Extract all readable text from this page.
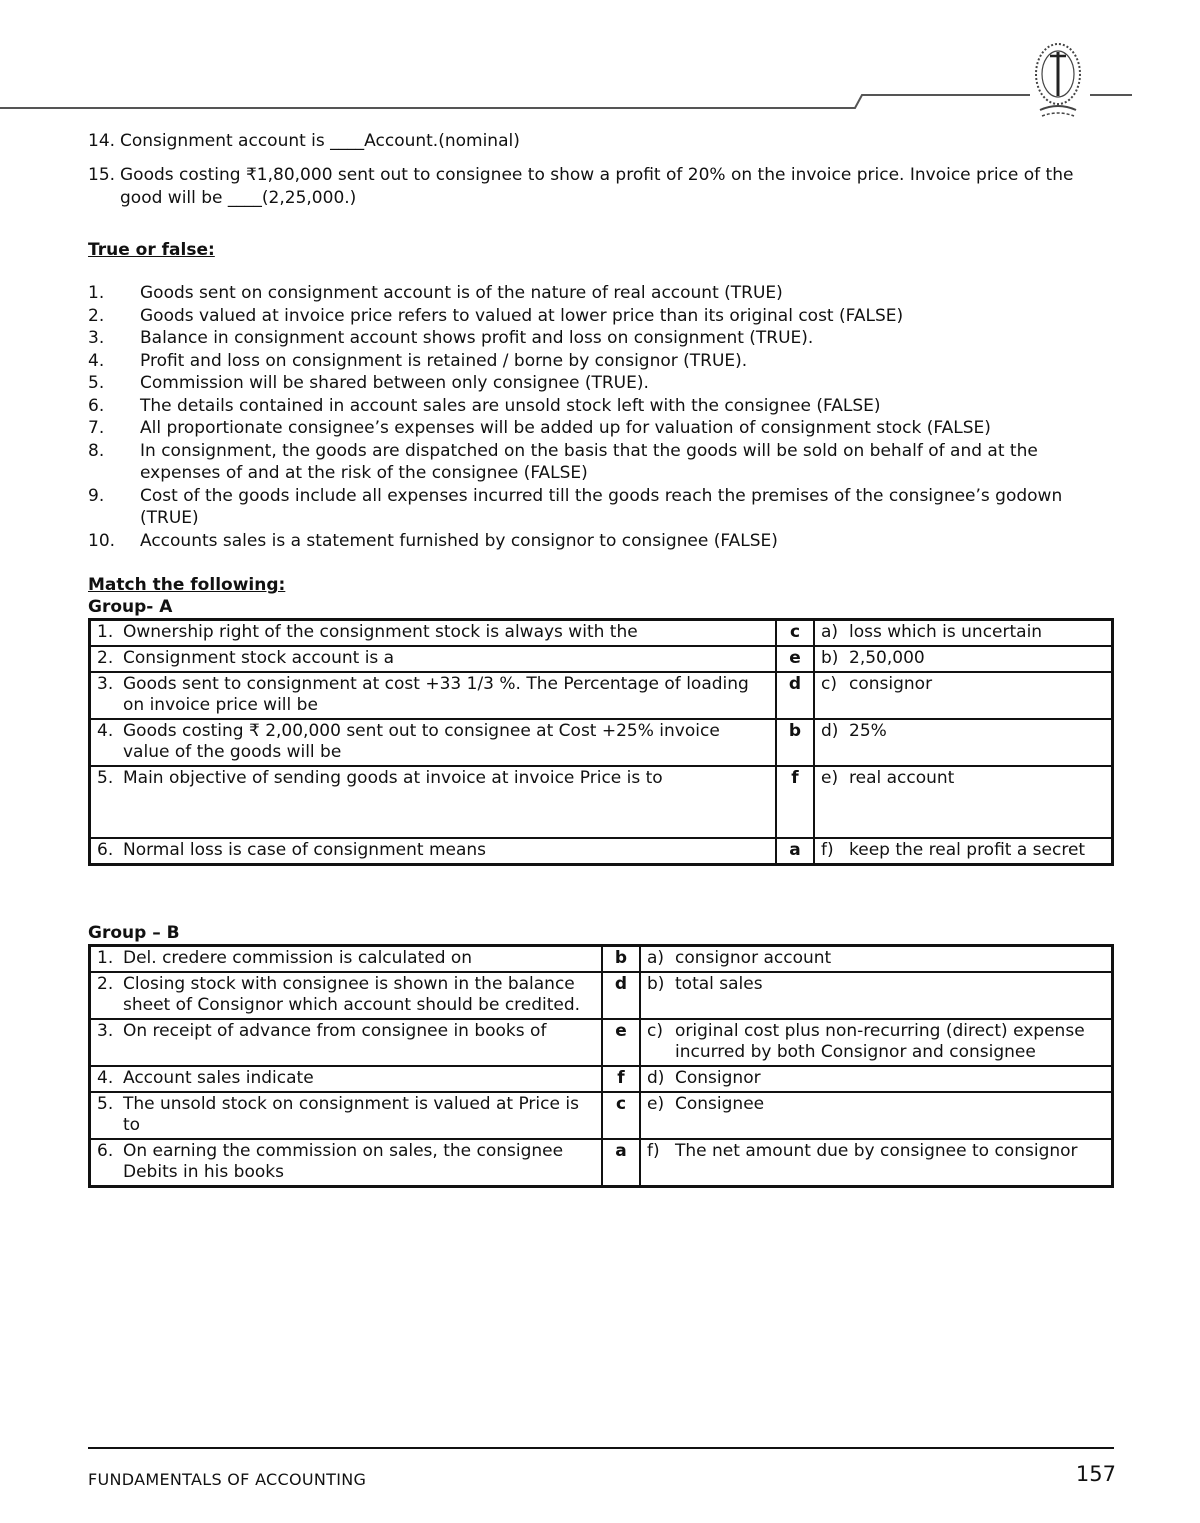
14. Consignment account is ____Account.(nominal)
15. Goods costing ₹1,80,000 sent out to consignee to show a profit of 20% on the invoice price. Invoice price of the good will be ____(2,25,000.)
True or false:
1.	Goods sent on consignment account is of the nature of real account (TRUE)
2.	Goods valued at invoice price refers to valued at lower price than its original cost (FALSE)
3.	Balance in consignment account shows profit and loss on consignment (TRUE).
4.	Profit and loss on consignment is retained / borne by consignor (TRUE).
5.	Commission will be shared between only consignee (TRUE).
6.	The details contained in account sales are unsold stock left with the consignee (FALSE)
7.	All proportionate consignee’s expenses will be added up for valuation of consignment stock (FALSE)
8.	In consignment, the goods are dispatched on the basis that the goods will be sold on behalf of and at the expenses of and at the risk of the consignee (FALSE)
9.	Cost of the goods include all expenses incurred till the goods reach the premises of the consignee’s godown (TRUE)
10.	Accounts sales is a statement furnished by consignor to consignee (FALSE)
Match the following:
Group- A
1. Ownership right of the consignment stock is always with the	c	a) loss which is uncertain

2. Consignment stock account is a	e	b) 2,50,000

3. Goods sent to consignment at cost +33 1/3 %. The Percentage of loading on invoice price will be	d	c) consignor

4. Goods costing ₹ 2,00,000 sent out to consignee at Cost +25% invoice value of the goods will be	b	d) 25%

5. Main objective of sending goods at invoice at invoice Price is to	f	e) real account

6. Normal loss is case of consignment means	a	f) keep the real profit a secret
Group – B
1. Del. credere commission is calculated on	b	a) consignor account

2. Closing stock with consignee is shown in the balance sheet of Consignor which account should be credited.	d	b) total sales

3. On receipt of advance from consignee in books of	e	c) original cost plus non-recurring (direct) expense incurred by both Consignor and consignee

4. Account sales indicate	f	d) Consignor

5. The unsold stock on consignment is valued at Price is to	c	e) Consignee

6. On earning the commission on sales, the consignee Debits in his books	a	f) The net amount due by consignee to consignor
FUNDAMENTALS OF ACCOUNTING	157
